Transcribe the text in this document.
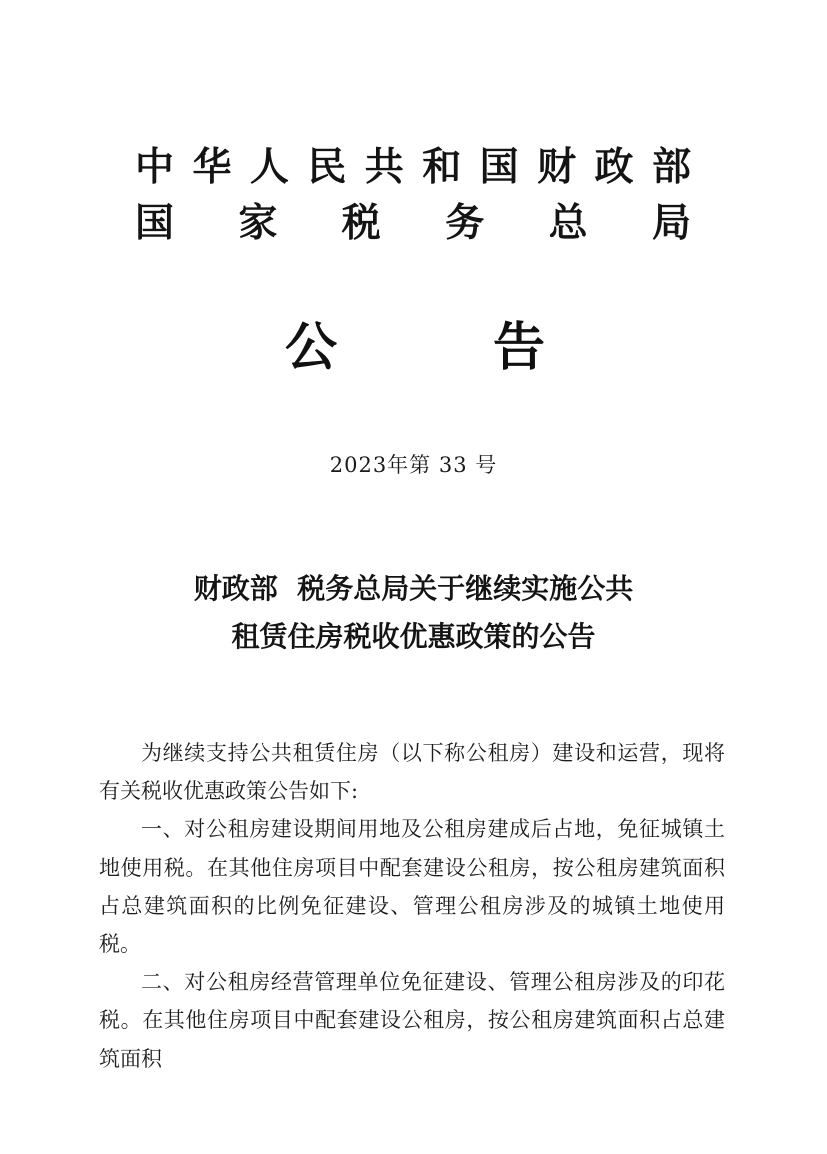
中华人民共和国财政部
国家税务总局
公告
2023年第 33 号
财政部  税务总局关于继续实施公共
租赁住房税收优惠政策的公告

为继续支持公共租赁住房（以下称公租房）建设和运营，现将有关税收优惠政策公告如下:

一、对公租房建设期间用地及公租房建成后占地，免征城镇土地使用税。在其他住房项目中配套建设公租房，按公租房建筑面积占总建筑面积的比例免征建设、管理公租房涉及的城镇土地使用税。

二、对公租房经营管理单位免征建设、管理公租房涉及的印花税。在其他住房项目中配套建设公租房，按公租房建筑面积占总建筑面积
